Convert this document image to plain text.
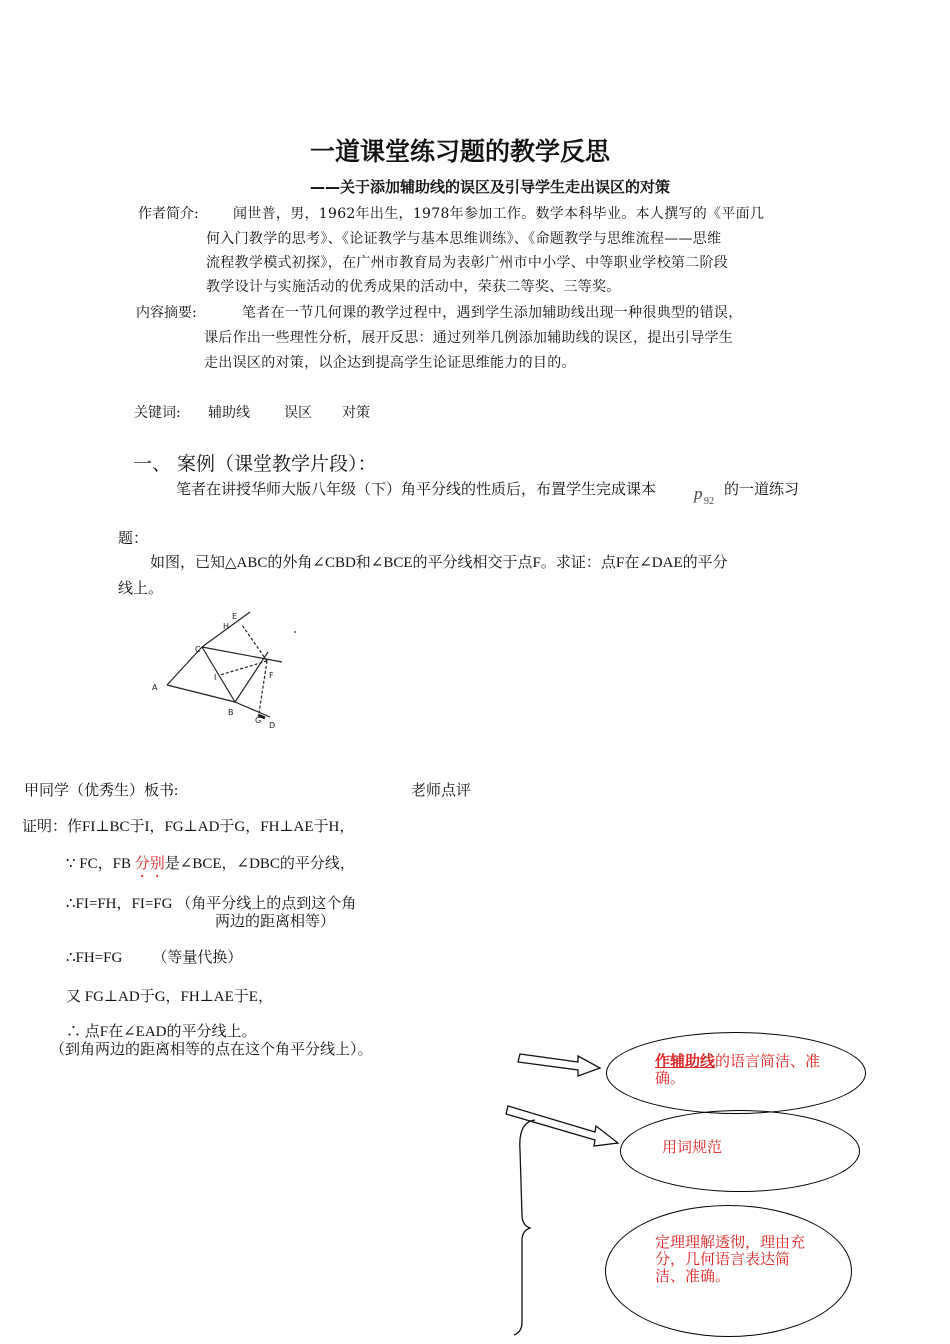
一道课堂练习题的教学反思
——关于添加辅助线的误区及引导学生走出误区的对策
作者简介: 闻世普，男，1962年出生，1978年参加工作。数学本科毕业。本人撰写的《平面几
何入门教学的思考》、《论证教学与基本思维训练》、《命题教学与思维流程——思维
流程教学模式初探》，在广州市教育局为表彰广州市中小学、中等职业学校第二阶段
教学设计与实施活动的优秀成果的活动中，荣获二等奖、三等奖。
内容摘要:	笔者在一节几何课的教学过程中，遇到学生添加辅助线出现一种很典型的错误，
课后作出一些理性分析，展开反思：通过列举几例添加辅助线的误区，提出引导学生
走出误区的对策，以企达到提高学生论证思维能力的目的。
关键词: 辅助线 误区 对策
一、 案例（课堂教学片段）：
笔者在讲授华师大版八年级（下）角平分线的性质后，布置学生完成课本 p 92
的一道练习
题：
如图，已知△ABC的外角∠CBD和∠BCE的平分线相交于点F。求证：点F在∠DAE的平分
线上。
A
B
C
D
E
F
G
H
I
甲同学（优秀生）板书:	老师点评
证明：作FI⊥BC于I，FG⊥AD于G，FH⊥AE于H，
∵ FC，FB 分别是∠BCE，∠DBC的平分线，
∴FI=FH，FI=FG （角平分线上的点到这个角
两边的距离相等）
∴FH=FG        （等量代换）
又 FG⊥AD于G，FH⊥AE于E，
∴ 点F在∠EAD的平分线上。
（到角两边的距离相等的点在这个角平分线上）。
作辅助线的语言简洁、准确。
用词规范
定理理解透彻，理由充分，几何语言表达简洁、准确。
